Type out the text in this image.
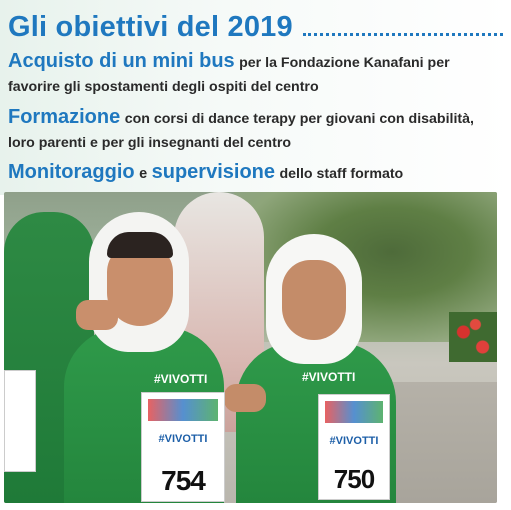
Gli obiettivi del 2019
Acquisto di un mini bus per la Fondazione Kanafani per
favorire gli spostamenti degli ospiti del centro
Formazione con corsi di dance terapy per giovani con disabilità,
loro parenti e per gli insegnanti del centro
Monitoraggio e supervisione dello staff formato
#VIVOTTI	#VIVOTTI
#VIVOTTI
754
#VIVOTTI
750
